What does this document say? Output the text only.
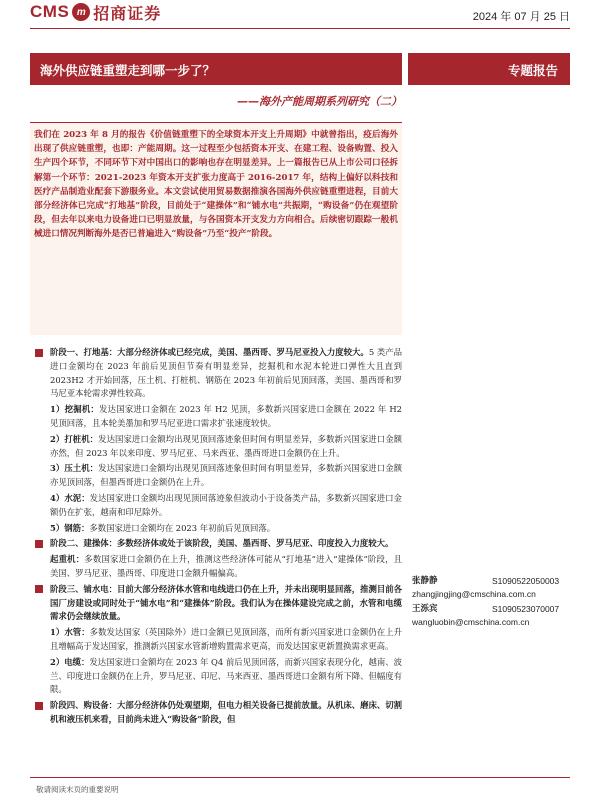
CMS m 招商证券	2024 年 07 月 25 日
海外供应链重塑走到哪一步了？	专题报告
——海外产能周期系列研究（二）

我们在 2023 年 8 月的报告《价值链重塑下的全球资本开支上升周期》中就曾指出，疫后海外出现了供应链重塑，也即：产能周期。这一过程至少包括资本开支、在建工程、设备购置、投入生产四个环节，不同环节下对中国出口的影响也存在明显差异。上一篇报告已从上市公司口径拆解第一个环节：2021-2023 年资本开支扩张力度高于 2016-2017 年，结构上偏好以科技和医疗产品制造业配套下游服务业。本文尝试使用贸易数据推演各国海外供应链重塑进程，目前大部分经济体已完成“打地基”阶段，目前处于“建操体”和“铺水电”共振期，“购设备”仍在观望阶段，但去年以来电力设备进口已明显放量，与各国资本开支发力方向相合。后续密切跟踪一般机械进口情况判断海外是否已普遍进入“购设备”乃至“投产”阶段。

阶段一、打地基：大部分经济体或已经完成，美国、墨西哥、罗马尼亚投入力度较大。5 类产品进口金额均在 2023 年前后见顶但节奏有明显差异，挖掘机和水泥本轮进口弹性大且直到 2023H2 才开始回落，压土机、打桩机、钢筋在 2023 年初前后见顶回落，美国、墨西哥和罗马尼亚本轮需求弹性较高。
1）挖掘机：发达国家进口金额在 2023 年 H2 见顶，多数新兴国家进口金额在 2022 年 H2 见顶回落，且本轮美墨加和罗马尼亚进口需求扩张速度较快。
2）打桩机：发达国家进口金额均出现见顶回落迹象但时间有明显差异，多数新兴国家进口金额亦然，但 2023 年以来印度、罗马尼亚、马来西亚、墨西哥进口金额仍在上升。
3）压土机：发达国家进口金额均出现见顶回落迹象但时间有明显差异，多数新兴国家进口金额亦见顶回落，但墨西哥进口金额仍在上升。
4）水泥：发达国家进口金额均出现见顶回落迹象但波动小于设备类产品，多数新兴国家进口金额仍在扩张，越南和印尼除外。
5）钢筋：多数国家进口金额均在 2023 年初前后见顶回落。
阶段二、建操体：多数经济体或处于该阶段，美国、墨西哥、罗马尼亚、印度投入力度较大。
起重机：多数国家进口金额仍在上升，推测这些经济体可能从“打地基”进入“建操体”阶段，且美国、罗马尼亚、墨西哥、印度进口金额升幅偏高。
阶段三、铺水电：目前大部分经济体水管和电线进口仍在上升，并未出现明显回落，推测目前各国厂房建设或同时处于“铺水电”和“建操体”阶段。我们认为在操体建设完成之前，水管和电缆需求仍会继续放量。
1）水管：多数发达国家（英国除外）进口金额已见顶回落，而所有新兴国家进口金额仍在上升且增幅高于发达国家，推测新兴国家水管新增购置需求更高，而发达国家更新置换需求更高。
2）电缆：发达国家进口金额均在 2023 年 Q4 前后见顶回落，而新兴国家表现分化，越南、波兰、印度进口金额仍在上升，罗马尼亚、印尼、马来西亚、墨西哥进口金额有所下降、但幅度有限。
阶段四、购设备：大部分经济体仍处观望期，但电力相关设备已提前放量。从机床、磨床、切割机和液压机来看，目前尚未进入“购设备”阶段，但
张静静	S1090522050003
zhangjingjing@cmschina.com.cn
王泺宾	S1090523070007
wangluobin@cmschina.com.cn
敬请阅读末页的重要说明
